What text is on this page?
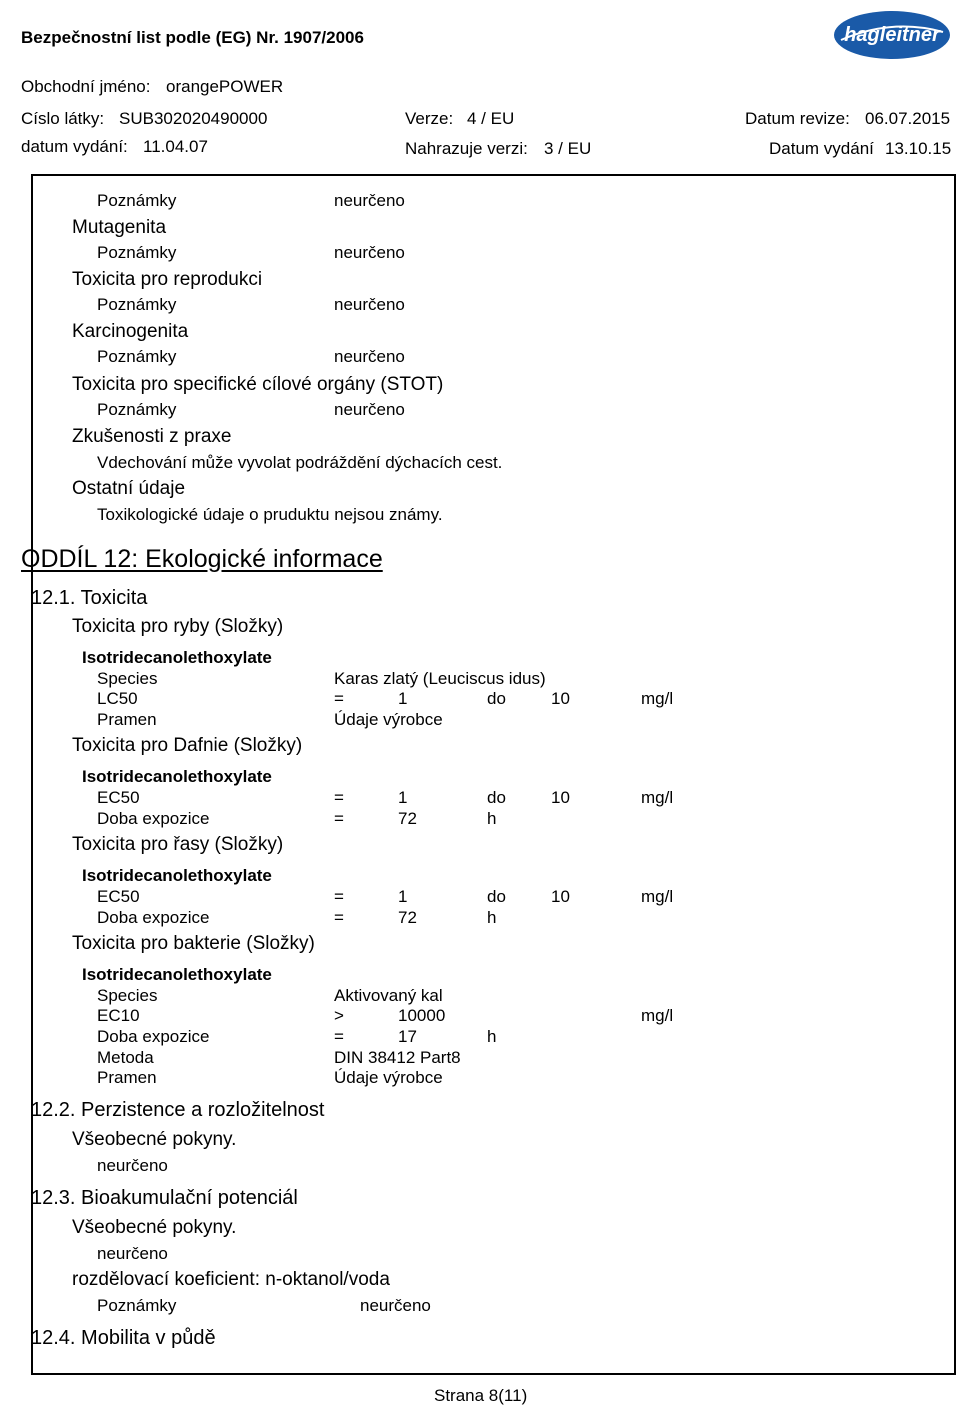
Bezpečnostní list podle (EG) Nr. 1907/2006	hagleitner
Obchodní jméno: orangePOWER
Císlo látky: SUB302020490000	Verze: 4 / EU	Datum revize: 06.07.2015
datum vydání: 11.04.07	Nahrazuje verzi: 3 / EU	Datum vydání 13.10.15
Poznámky	neurčeno
Mutagenita
Poznámky	neurčeno
Toxicita pro reprodukci
Poznámky	neurčeno
Karcinogenita
Poznámky	neurčeno
Toxicita pro specifické cílové orgány (STOT)
Poznámky	neurčeno
Zkušenosti z praxe
Vdechování může vyvolat podráždění dýchacích cest.
Ostatní údaje
Toxikologické údaje o pruduktu nejsou známy.
ODDÍL 12: Ekologické informace
12.1. Toxicita
Toxicita pro ryby (Složky)
Isotridecanolethoxylate
Species	Karas zlatý (Leuciscus idus)
LC50	=	1	do	10	mg/l
Pramen	Údaje výrobce
Toxicita pro Dafnie (Složky)
Isotridecanolethoxylate
EC50	=	1	do	10	mg/l
Doba expozice	=	72	h
Toxicita pro řasy (Složky)
Isotridecanolethoxylate
EC50	=	1	do	10	mg/l
Doba expozice	=	72	h
Toxicita pro bakterie (Složky)
Isotridecanolethoxylate
Species	Aktivovaný kal
EC10	>	10000	mg/l
Doba expozice	=	17	h
Metoda	DIN 38412 Part8
Pramen	Údaje výrobce
12.2. Perzistence a rozložitelnost
Všeobecné pokyny.
neurčeno
12.3. Bioakumulační potenciál
Všeobecné pokyny.
neurčeno
rozdělovací koeficient: n-oktanol/voda
Poznámky	neurčeno
12.4. Mobilita v půdě
Strana 8(11)
